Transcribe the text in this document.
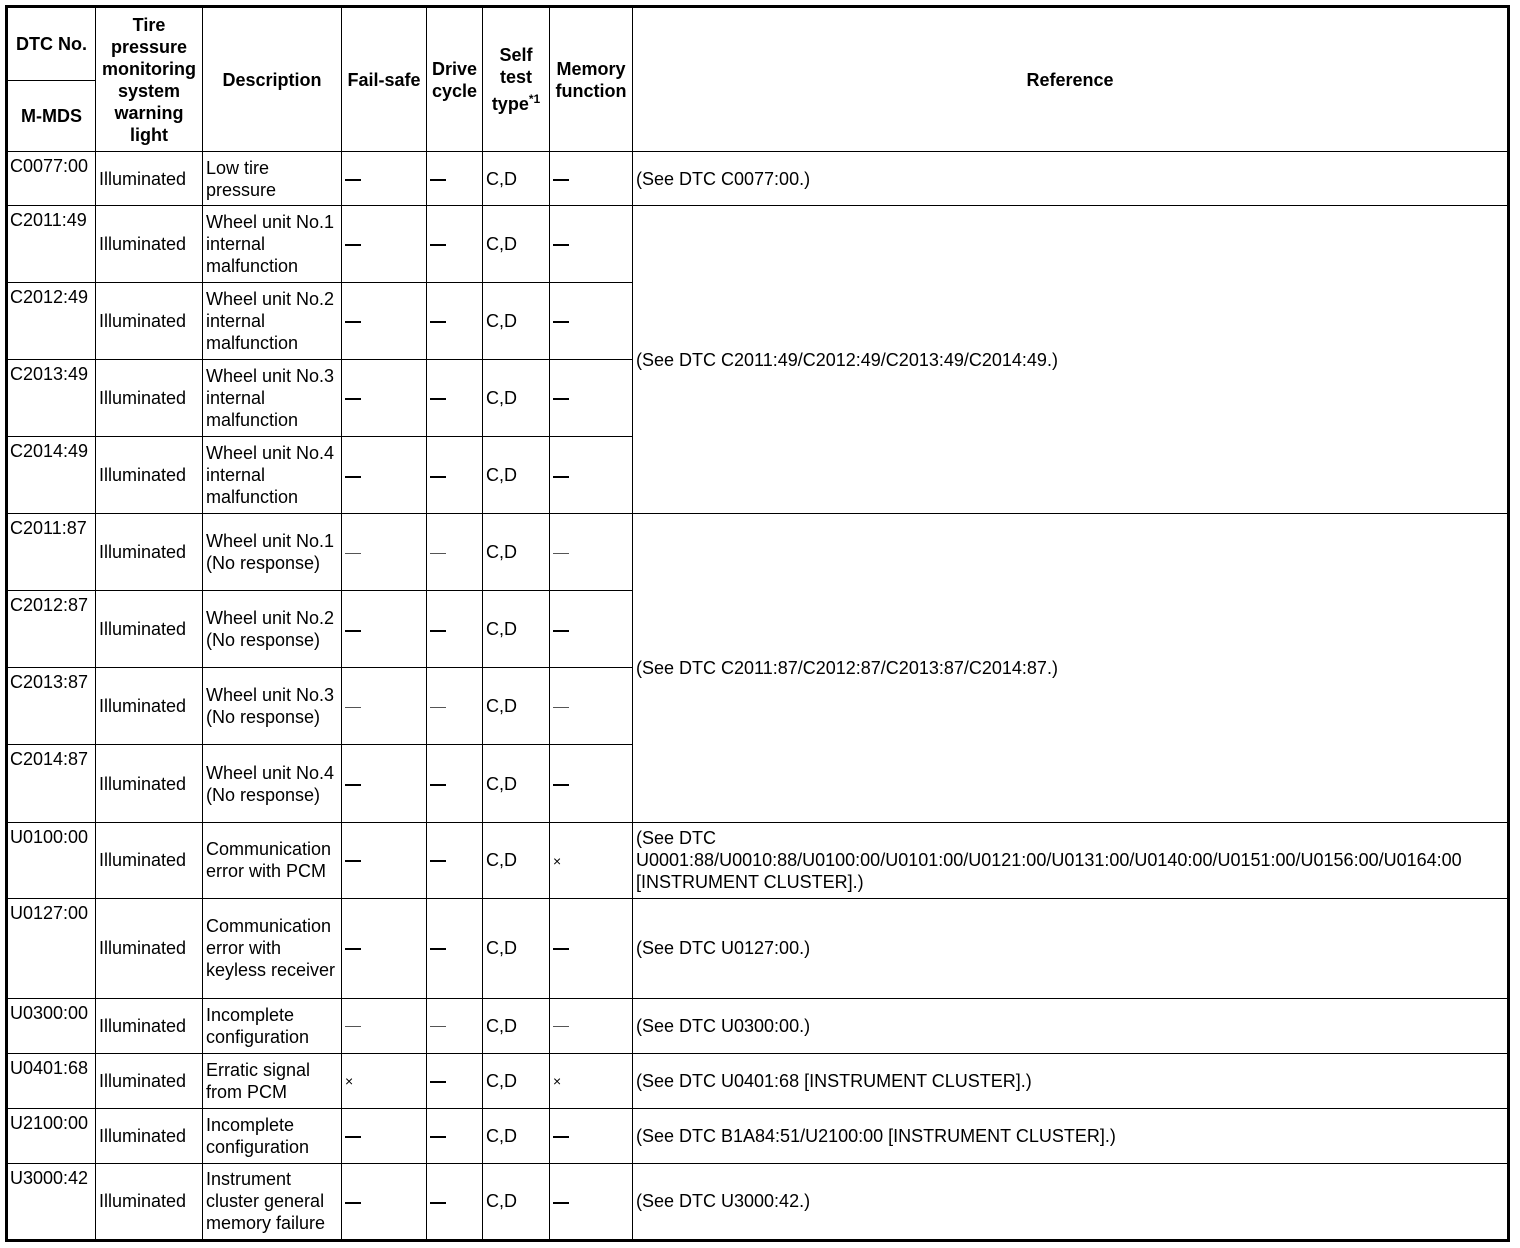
DTC No.	Tire pressure monitoring system warning light	Description	Fail-safe	Drive cycle	Self test type$^{*1}$	Memory function	Reference
M-MDS							
C0077:00	Illuminated	Low tire pressure			C,D		(See DTC C0077:00.)
C2011:49	Illuminated	Wheel unit No.1 internal malfunction			C,D		(See DTC C2011:49/C2012:49/C2013:49/C2014:49.)
C2012:49	Illuminated	Wheel unit No.2 internal malfunction			C,D	
C2013:49	Illuminated	Wheel unit No.3 internal malfunction			C,D	
C2014:49	Illuminated	Wheel unit No.4 internal malfunction			C,D	
C2011:87	Illuminated	Wheel unit No.1 (No response)			C,D		(See DTC C2011:87/C2012:87/C2013:87/C2014:87.)
C2012:87	Illuminated	Wheel unit No.2 (No response)			C,D	
C2013:87	Illuminated	Wheel unit No.3 (No response)			C,D	
C2014:87	Illuminated	Wheel unit No.4 (No response)			C,D	
U0100:00	Illuminated	Communication error with PCM			C,D	×	(See DTC
U0001:88/U0010:88/U0100:00/U0101:00/U0121:00/U0131:00/U0140:00/U0151:00/U0156:00/U0164:00
[INSTRUMENT CLUSTER].)

U0127:00	Illuminated	Communication error with keyless receiver			C,D		(See DTC U0127:00.)
U0300:00	Illuminated	Incomplete configuration			C,D		(See DTC U0300:00.)
U0401:68	Illuminated	Erratic signal from PCM	×		C,D	×	(See DTC U0401:68 [INSTRUMENT CLUSTER].)
U2100:00	Illuminated	Incomplete configuration			C,D		(See DTC B1A84:51/U2100:00 [INSTRUMENT CLUSTER].)
U3000:42	Illuminated	Instrument cluster general memory failure			C,D		(See DTC U3000:42.)
